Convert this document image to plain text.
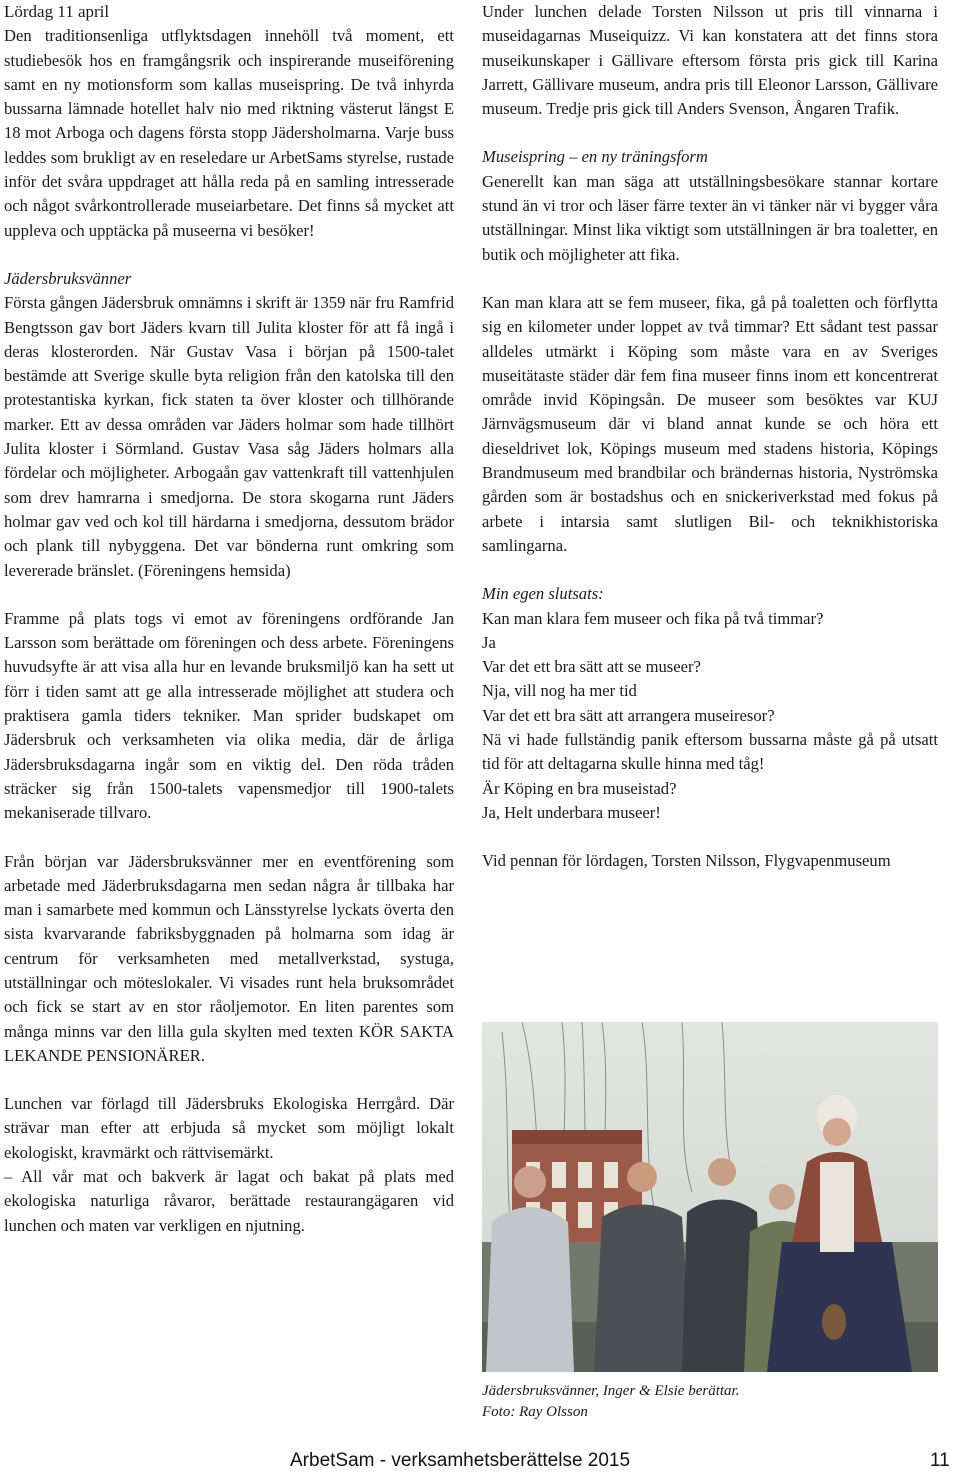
Lördag 11 april

Den traditionsenliga utflyktsdagen innehöll två moment, ett studiebesök hos en framgångsrik och inspirerande museiförening samt en ny motionsform som kallas museispring. De två inhyrda bussarna lämnade hotellet halv nio med riktning västerut längst E 18 mot Arboga och dagens första stopp Jädersholmarna. Varje buss leddes som brukligt av en reseledare ur ArbetSams styrelse, rustade inför det svåra uppdraget att hålla reda på en samling intresserade och något svårkontrollerade museiarbetare. Det finns så mycket att uppleva och upptäcka på museerna vi besöker!

Jädersbruksvänner

Första gången Jädersbruk omnämns i skrift är 1359 när fru Ramfrid Bengtsson gav bort Jäders kvarn till Julita kloster för att få ingå i deras klosterorden. När Gustav Vasa i början på 1500-talet bestämde att Sverige skulle byta religion från den katolska till den protestantiska kyrkan, fick staten ta över kloster och tillhörande marker. Ett av dessa områden var Jäders holmar som hade tillhört Julita kloster i Sörmland. Gustav Vasa såg Jäders holmars alla fördelar och möjligheter. Arbogaån gav vattenkraft till vattenhjulen som drev hamrarna i smedjorna. De stora skogarna runt Jäders holmar gav ved och kol till härdarna i smedjorna, dessutom brädor och plank till nybyggena. Det var bönderna runt omkring som levererade bränslet. (Föreningens hemsida)

Framme på plats togs vi emot av föreningens ordförande Jan Larsson som berättade om föreningen och dess arbete. Föreningens huvudsyfte är att visa alla hur en levande bruksmiljö kan ha sett ut förr i tiden samt att ge alla intresserade möjlighet att studera och praktisera gamla tiders tekniker. Man sprider budskapet om Jädersbruk och verksamheten via olika media, där de årliga Jädersbruksdagarna ingår som en viktig del. Den röda tråden sträcker sig från 1500-talets vapensmedjor till 1900-talets mekaniserade tillvaro.

Från början var Jädersbruksvänner mer en eventförening som arbetade med Jäderbruksdagarna men sedan några år tillbaka har man i samarbete med kommun och Länsstyrelse lyckats överta den sista kvarvarande fabriksbyggnaden på holmarna som idag är centrum för verksamheten med metallverkstad, systuga, utställningar och möteslokaler. Vi visades runt hela bruksområdet och fick se start av en stor råoljemotor. En liten parentes som många minns var den lilla gula skylten med texten KÖR SAKTA LEKANDE PENSIONÄRER.

Lunchen var förlagd till Jädersbruks Ekologiska Herrgård. Där strävar man efter att erbjuda så mycket som möjligt lokalt ekologiskt, kravmärkt och rättvisemärkt.

– All vår mat och bakverk är lagat och bakat på plats med ekologiska naturliga råvaror, berättade restaurangägaren vid lunchen och maten var verkligen en njutning.

Under lunchen delade Torsten Nilsson ut pris till vinnarna i museidagarnas Museiquizz. Vi kan konstatera att det finns stora museikunskaper i Gällivare eftersom första pris gick till Karina Jarrett, Gällivare museum, andra pris till Eleonor Larsson, Gällivare museum. Tredje pris gick till Anders Svenson, Ångaren Trafik.

Museispring – en ny träningsform

Generellt kan man säga att utställningsbesökare stannar kortare stund än vi tror och läser färre texter än vi tänker när vi bygger våra utställningar. Minst lika viktigt som utställningen är bra toaletter, en butik och möjligheter att fika.

Kan man klara att se fem museer, fika, gå på toaletten och förflytta sig en kilometer under loppet av två timmar? Ett sådant test passar alldeles utmärkt i Köping som måste vara en av Sveriges museitätaste städer där fem fina museer finns inom ett koncentrerat område invid Köpingsån. De museer som besöktes var KUJ Järnvägsmuseum där vi bland annat kunde se och höra ett dieseldrivet lok, Köpings museum med stadens historia, Köpings Brandmuseum med brandbilar och brändernas historia, Nyströmska gården som är bostadshus och en snickeriverkstad med fokus på arbete i intarsia samt slutligen Bil- och teknikhistoriska samlingarna.

Min egen slutsats:

Kan man klara fem museer och fika på två timmar?

Ja

Var det ett bra sätt att se museer?

Nja, vill nog ha mer tid

Var det ett bra sätt att arrangera museiresor?

Nä vi hade fullständig panik eftersom bussarna måste gå på utsatt tid för att deltagarna skulle hinna med tåg!

Är Köping en bra museistad?

Ja, Helt underbara museer!

Vid pennan för lördagen, Torsten Nilsson, Flygvapenmuseum

Jädersbruksvänner, Inger & Elsie berättar.
Foto: Ray Olsson
ArbetSam - verksamhetsberättelse 2015	11
